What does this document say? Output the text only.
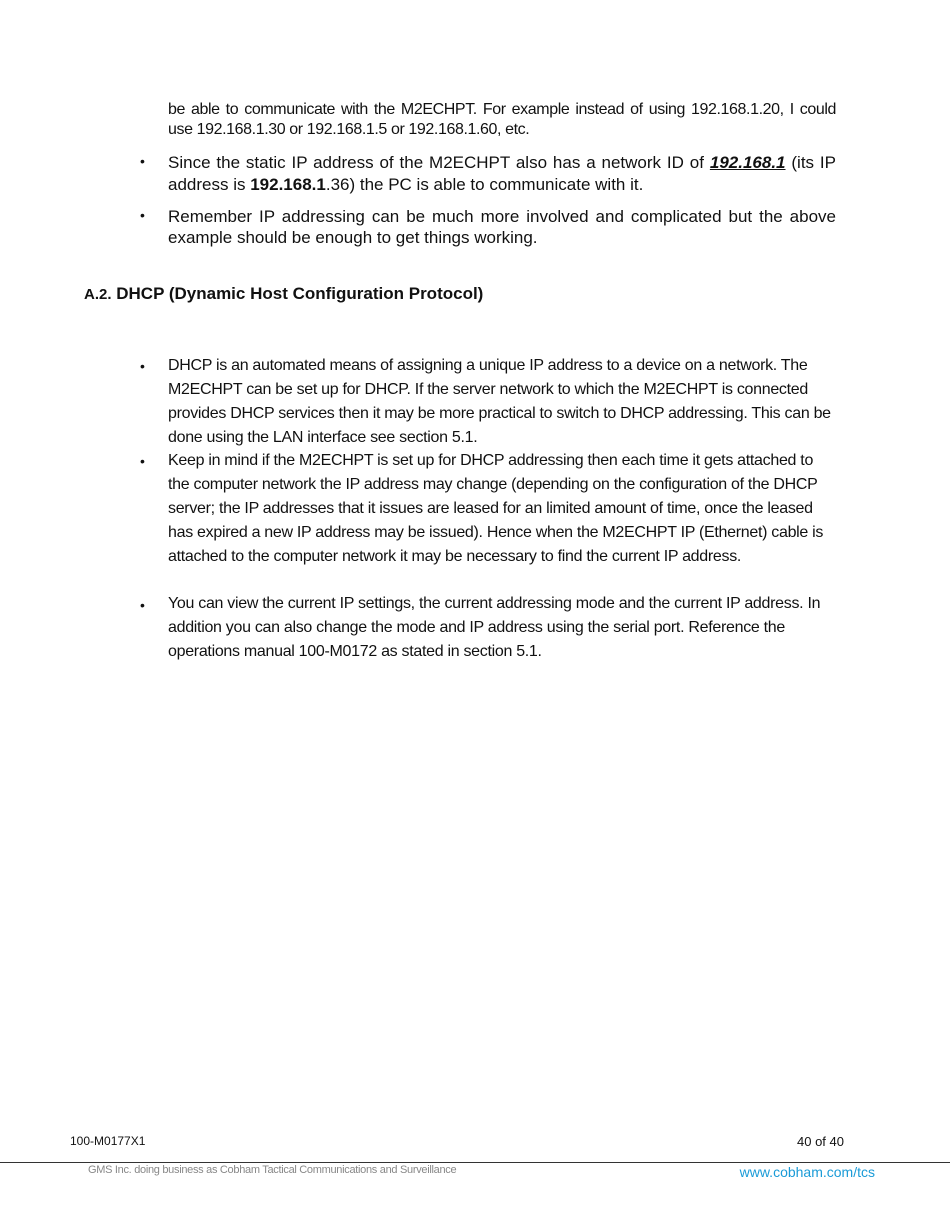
be able to communicate with the M2ECHPT. For example instead of using 192.168.1.20, I could use 192.168.1.30 or 192.168.1.5 or 192.168.1.60, etc.
• Since the static IP address of the M2ECHPT also has a network ID of 192.168.1 (its IP address is 192.168.1.36) the PC is able to communicate with it.
• Remember IP addressing can be much more involved and complicated but the above example should be enough to get things working.
A.2. DHCP (Dynamic Host Configuration Protocol)
• DHCP is an automated means of assigning a unique IP address to a device on a network. The M2ECHPT can be set up for DHCP. If the server network to which the M2ECHPT is connected provides DHCP services then it may be more practical to switch to DHCP addressing. This can be done using the LAN interface see section 5.1.
• Keep in mind if the M2ECHPT is set up for DHCP addressing then each time it gets attached to the computer network the IP address may change (depending on the configuration of the DHCP server; the IP addresses that it issues are leased for an limited amount of time, once the leased has expired a new IP address may be issued). Hence when the M2ECHPT IP (Ethernet) cable is attached to the computer network it may be necessary to find the current IP address.
• You can view the current IP settings, the current addressing mode and the current IP address. In addition you can also change the mode and IP address using the serial port. Reference the operations manual 100-M0172 as stated in section 5.1.
100-M0177X1	40 of 40
GMS Inc. doing business as Cobham Tactical Communications and Surveillance	www.cobham.com/tcs
